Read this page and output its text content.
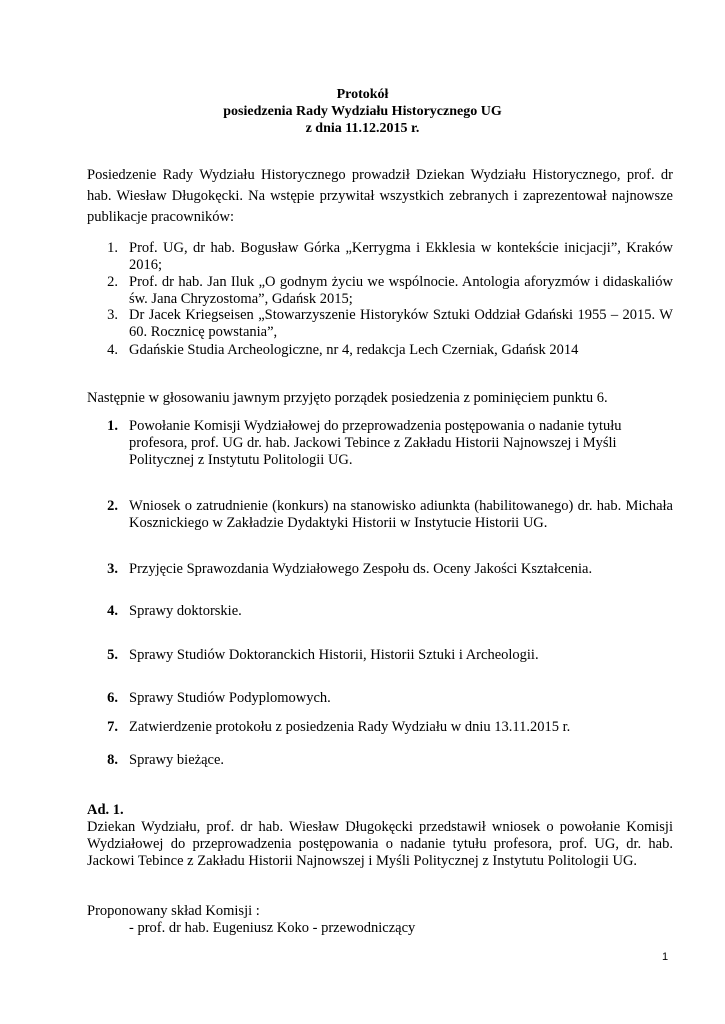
Protokół
posiedzenia Rady Wydziału Historycznego UG
z dnia 11.12.2015 r.
Posiedzenie Rady Wydziału Historycznego prowadził Dziekan Wydziału Historycznego, prof. dr hab. Wiesław Długokęcki. Na wstępie przywitał wszystkich zebranych i zaprezentował najnowsze publikacje pracowników:
1. Prof. UG, dr hab. Bogusław Górka „Kerrygma i Ekklesia w kontekście inicjacji”, Kraków 2016;
2. Prof. dr hab. Jan Iluk „O godnym życiu we wspólnocie. Antologia aforyzmów i didaskaliów św. Jana Chryzostoma”, Gdańsk 2015;
3. Dr Jacek Kriegseisen „Stowarzyszenie Historyków Sztuki Oddział Gdański 1955 – 2015. W 60. Rocznicę powstania”,
4. Gdańskie Studia Archeologiczne, nr 4, redakcja Lech Czerniak, Gdańsk 2014
Następnie w głosowaniu jawnym przyjęto porządek posiedzenia z pominięciem punktu 6.
1. Powołanie Komisji Wydziałowej do przeprowadzenia postępowania o nadanie tytułu profesora, prof. UG dr. hab. Jackowi Tebince z Zakładu Historii Najnowszej i Myśli Politycznej z Instytutu Politologii UG.
2. Wniosek o zatrudnienie (konkurs) na stanowisko adiunkta (habilitowanego) dr. hab. Michała Kosznickiego w Zakładzie Dydaktyki Historii w Instytucie Historii UG.
3. Przyjęcie Sprawozdania Wydziałowego Zespołu ds. Oceny Jakości Kształcenia.
4. Sprawy doktorskie.
5. Sprawy Studiów Doktoranckich Historii, Historii Sztuki i Archeologii.
6. Sprawy Studiów Podyplomowych.
7. Zatwierdzenie protokołu z posiedzenia Rady Wydziału w dniu 13.11.2015 r.
8. Sprawy bieżące.
Ad. 1.
Dziekan Wydziału, prof. dr hab. Wiesław Długokęcki przedstawił wniosek o powołanie Komisji
Wydziałowej do przeprowadzenia postępowania o nadanie tytułu profesora, prof. UG, dr. hab.
Jackowi Tebince z Zakładu Historii Najnowszej i Myśli Politycznej z Instytutu Politologii UG.
Proponowany skład Komisji :
- prof. dr hab. Eugeniusz Koko - przewodniczący
1
